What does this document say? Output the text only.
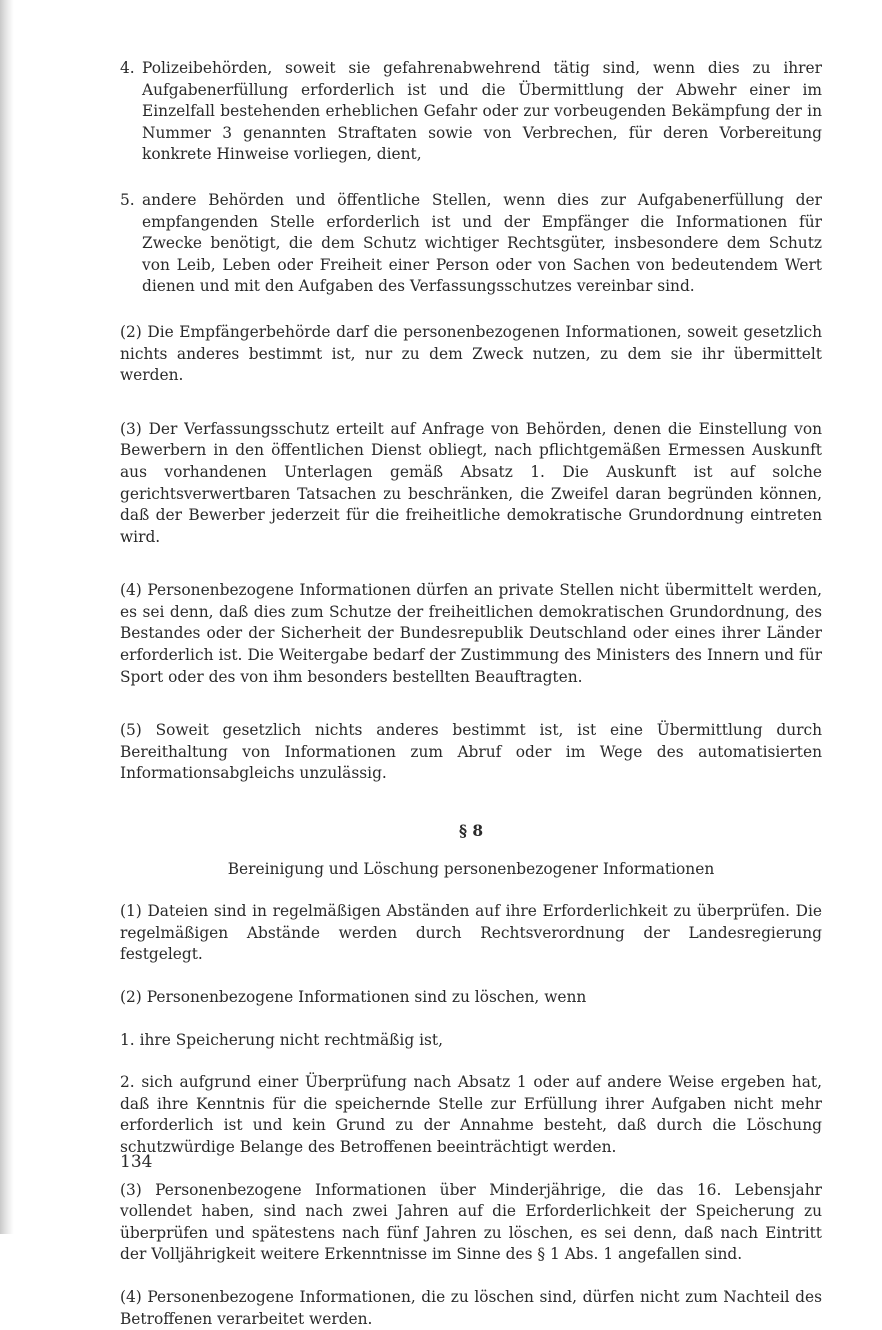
4. Polizeibehörden, soweit sie gefahrenabwehrend tätig sind, wenn dies zu ihrer Aufgabenerfüllung erforderlich ist und die Übermittlung der Abwehr einer im Einzelfall bestehenden erheblichen Gefahr oder zur vorbeugenden Bekämpfung der in Nummer 3 genannten Straftaten sowie von Verbrechen, für deren Vorbereitung konkrete Hinweise vorliegen, dient,
5. andere Behörden und öffentliche Stellen, wenn dies zur Aufgabenerfüllung der empfangenden Stelle erforderlich ist und der Empfänger die Informationen für Zwecke benötigt, die dem Schutz wichtiger Rechtsgüter, insbesondere dem Schutz von Leib, Leben oder Freiheit einer Person oder von Sachen von bedeutendem Wert dienen und mit den Aufgaben des Verfassungsschutzes vereinbar sind.

(2) Die Empfängerbehörde darf die personenbezogenen Informationen, soweit gesetzlich nichts anderes bestimmt ist, nur zu dem Zweck nutzen, zu dem sie ihr übermittelt werden.

(3) Der Verfassungsschutz erteilt auf Anfrage von Behörden, denen die Einstellung von Bewerbern in den öffentlichen Dienst obliegt, nach pflichtgemäßen Ermessen Auskunft aus vorhandenen Unterlagen gemäß Absatz 1. Die Auskunft ist auf solche gerichtsverwertbaren Tatsachen zu beschränken, die Zweifel daran begründen können, daß der Bewerber jederzeit für die freiheitliche demokratische Grundordnung eintreten wird.

(4) Personenbezogene Informationen dürfen an private Stellen nicht übermittelt werden, es sei denn, daß dies zum Schutze der freiheitlichen demokratischen Grundordnung, des Bestandes oder der Sicherheit der Bundesrepublik Deutschland oder eines ihrer Länder erforderlich ist. Die Weitergabe bedarf der Zustimmung des Ministers des Innern und für Sport oder des von ihm besonders bestellten Beauftragten.

(5) Soweit gesetzlich nichts anderes bestimmt ist, ist eine Übermittlung durch Bereithaltung von Informationen zum Abruf oder im Wege des automatisierten Informationsabgleichs unzulässig.

§ 8

Bereinigung und Löschung personenbezogener Informationen

(1) Dateien sind in regelmäßigen Abständen auf ihre Erforderlichkeit zu überprüfen. Die regelmäßigen Abstände werden durch Rechtsverordnung der Landesregierung festgelegt.

(2) Personenbezogene Informationen sind zu löschen, wenn

1. ihre Speicherung nicht rechtmäßig ist,

2. sich aufgrund einer Überprüfung nach Absatz 1 oder auf andere Weise ergeben hat, daß ihre Kenntnis für die speichernde Stelle zur Erfüllung ihrer Aufgaben nicht mehr erforderlich ist und kein Grund zu der Annahme besteht, daß durch die Löschung schutzwürdige Belange des Betroffenen beeinträchtigt werden.

(3) Personenbezogene Informationen über Minderjährige, die das 16. Lebensjahr vollendet haben, sind nach zwei Jahren auf die Erforderlichkeit der Speicherung zu überprüfen und spätestens nach fünf Jahren zu löschen, es sei denn, daß nach Eintritt der Volljährigkeit weitere Erkenntnisse im Sinne des § 1 Abs. 1 angefallen sind.

(4) Personenbezogene Informationen, die zu löschen sind, dürfen nicht zum Nachteil des Betroffenen verarbeitet werden.

134
